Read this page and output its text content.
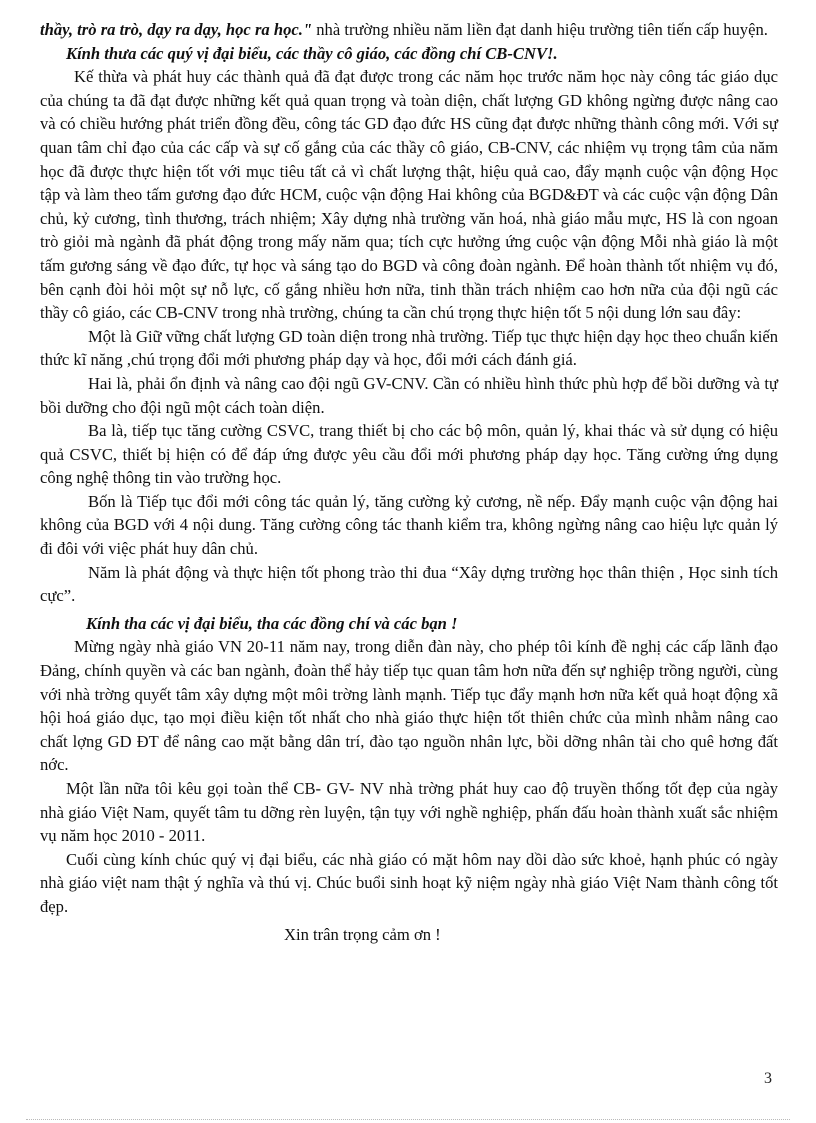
thầy, trò ra trò, dạy ra dạy, học ra học." nhà trường nhiều năm liền đạt danh hiệu trường tiên tiến cấp huyện.

Kính thưa các quý vị đại biểu, các thầy cô giáo, các đồng chí CB-CNV!.

Kế thừa và phát huy các thành quả đã đạt được trong các năm học trước năm học này công tác giáo dục của chúng ta đã đạt được những kết quả quan trọng và toàn diện, chất lượng GD không ngừng được nâng cao và có chiều hướng phát triển đồng đều, công tác GD đạo đức HS cũng đạt được những thành công mới. Với sự quan tâm chỉ đạo của các cấp và sự cố gắng của các thầy cô giáo, CB-CNV, các nhiệm vụ trọng tâm của năm học đã được thực hiện tốt với mục tiêu tất cả vì chất lượng thật, hiệu quả cao, đẩy mạnh cuộc vận động Học tập và làm theo tấm gương đạo đức HCM, cuộc vận động Hai không của BGD&ĐT và các cuộc vận động Dân chủ, kỷ cương, tình thương, trách nhiệm; Xây dựng nhà trường văn hoá, nhà giáo mẫu mực, HS là con ngoan trò giỏi mà ngành đã phát động trong mấy năm qua; tích cực hưởng ứng cuộc vận động Mỗi nhà giáo là một tấm gương sáng về đạo đức, tự học và sáng tạo do BGD và công đoàn ngành. Để hoàn thành tốt nhiệm vụ đó, bên cạnh đòi hỏi một sự nỗ lực, cố gắng nhiều hơn nữa, tinh thần trách nhiệm cao hơn nữa của đội ngũ các thầy cô giáo, các CB-CNV trong nhà trường, chúng ta cần chú trọng thực hiện tốt 5 nội dung lớn sau đây:

Một là Giữ vững chất lượng GD toàn diện trong nhà trường. Tiếp tục thực hiện dạy học theo chuẩn kiến thức kĩ năng ,chú trọng đổi mới phương pháp dạy và học, đổi mới cách đánh giá.

Hai là, phải ổn định và nâng cao đội ngũ GV-CNV. Cần có nhiều hình thức phù hợp để bồi dưỡng và tự bồi dưỡng cho đội ngũ một cách toàn diện.

Ba là, tiếp tục tăng cường CSVC, trang thiết bị cho các bộ môn, quản lý, khai thác và sử dụng có hiệu quả CSVC, thiết bị hiện có để đáp ứng được yêu cầu đổi mới phương pháp dạy học. Tăng cường ứng dụng công nghệ thông tin vào trường học.

Bốn là Tiếp tục đổi mới công tác quản lý, tăng cường kỷ cương, nề nếp. Đẩy mạnh cuộc vận động hai không của BGD với 4 nội dung. Tăng cường công tác thanh kiểm tra, không ngừng nâng cao hiệu lực quản lý đi đôi với việc phát huy dân chủ.

Năm là phát động và thực hiện tốt phong trào thi đua “Xây dựng trường học thân thiện , Học sinh tích cực”.

Kính tha các vị đại biểu, tha các đồng chí và các bạn !

Mừng ngày nhà giáo VN 20-11 năm nay, trong diễn đàn này, cho phép tôi kính đề nghị các cấp lãnh đạo Đảng, chính quyền và các ban ngành, đoàn thể hảy tiếp tục quan tâm hơn nữa đến sự nghiệp trồng người, cùng với nhà trờng quyết tâm xây dựng một môi trờng lành mạnh. Tiếp tục đẩy mạnh hơn nữa kết quả hoạt động xã hội hoá giáo dục, tạo mọi điều kiện tốt nhất cho nhà giáo thực hiện tốt thiên chức của mình nhằm nâng cao chất lợng GD ĐT để nâng cao mặt bằng dân trí, đào tạo nguồn nhân lực, bồi dỡng nhân tài cho quê hơng đất nớc.

Một lần nữa tôi kêu gọi toàn thể CB- GV- NV nhà trờng phát huy cao độ truyền thống tốt đẹp của ngày nhà giáo Việt Nam, quyết tâm tu dỡng rèn luyện, tận tụy với nghề nghiệp, phấn đấu hoàn thành xuất sắc nhiệm vụ năm học 2010 - 2011.

Cuối cùng kính chúc quý vị đại biểu, các nhà giáo có mặt hôm nay dồi dào sức khoẻ, hạnh phúc có ngày nhà giáo việt nam thật ý nghĩa và thú vị. Chúc buổi sinh hoạt kỹ niệm ngày nhà giáo Việt Nam thành công tốt đẹp.

Xin trân trọng cảm ơn !

3
